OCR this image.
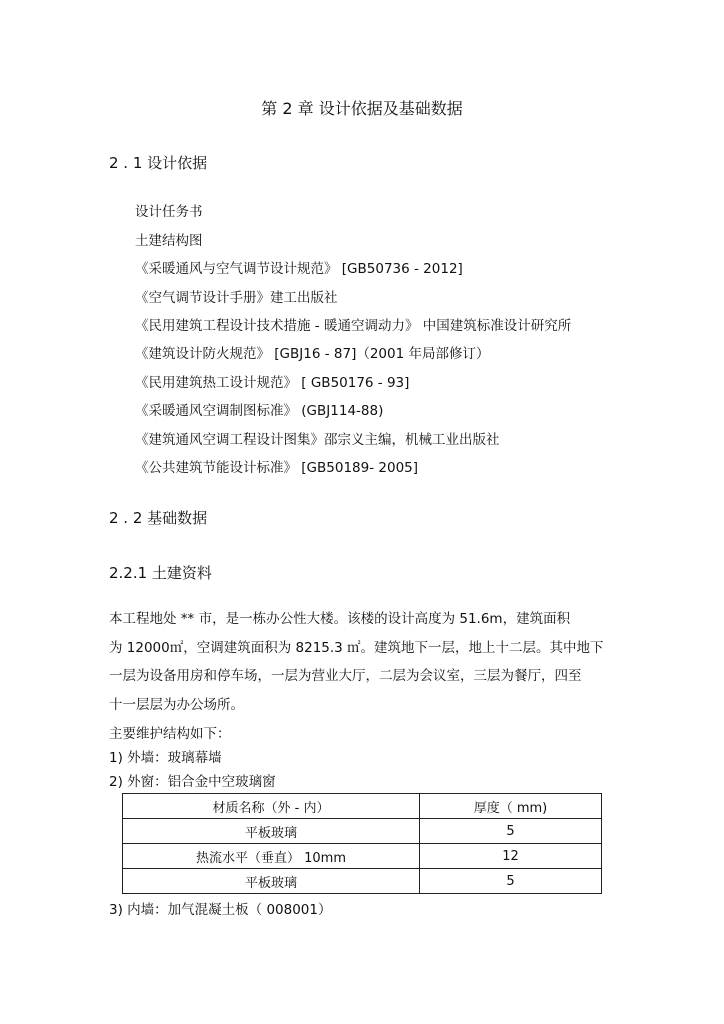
第 2 章 设计依据及基础数据
2 . 1 设计依据
设计任务书
土建结构图
《采暖通风与空气调节设计规范》 [GB50736 - 2012]
《空气调节设计手册》建工出版社
《民用建筑工程设计技术措施 - 暖通空调动力》 中国建筑标准设计研究所
《建筑设计防火规范》 [GBJ16 - 87]（2001 年局部修订）
《民用建筑热工设计规范》 [ GB50176 - 93]
《采暖通风空调制图标准》 (GBJ114-88)
《建筑通风空调工程设计图集》邵宗义主编，机械工业出版社
《公共建筑节能设计标准》 [GB50189- 2005]
2 . 2 基础数据
2.2.1 土建资料
本工程地处 ** 市，是一栋办公性大楼。该楼的设计高度为 51.6m，建筑面积
为 12000㎡，空调建筑面积为 8215.3 ㎡。建筑地下一层，地上十二层。其中地下
一层为设备用房和停车场，一层为营业大厅，二层为会议室，三层为餐厅，四至
十一层层为办公场所。
主要维护结构如下：
1) 外墙：玻璃幕墙
2) 外窗：铝合金中空玻璃窗
材质名称（外 - 内）	厚度（ mm)
平板玻璃	5
热流水平（垂直） 10mm	12
平板玻璃	5
3) 内墙：加气混凝土板（ 008001）
